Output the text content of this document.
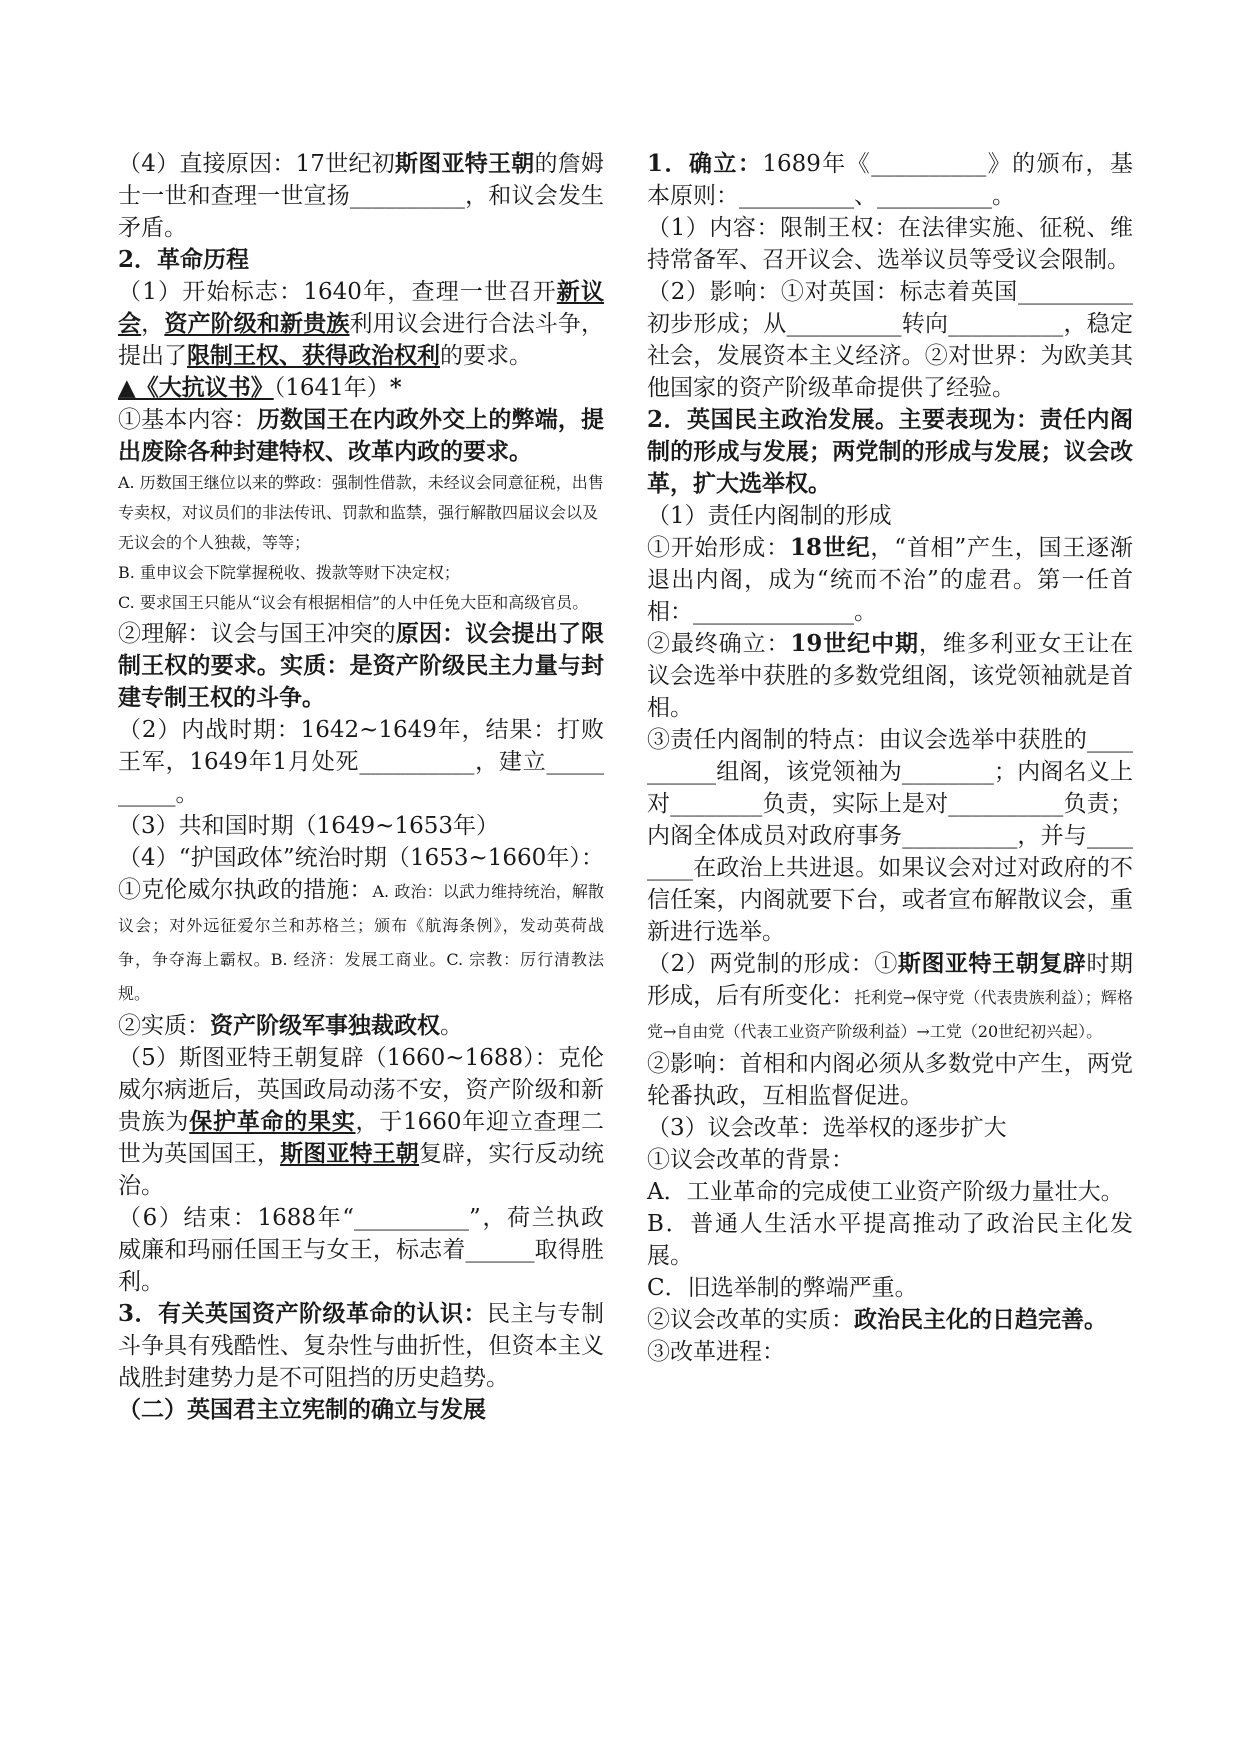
（4）直接原因：17世纪初斯图亚特王朝的詹姆士一世和查理一世宣扬__________，和议会发生矛盾。

2．革命历程

（1）开始标志：1640年，查理一世召开新议会，资产阶级和新贵族利用议会进行合法斗争，提出了限制王权、获得政治权利的要求。

▲《大抗议书》（1641年）*

①基本内容：历数国王在内政外交上的弊端，提出废除各种封建特权、改革内政的要求。

A. 历数国王继位以来的弊政：强制性借款，未经议会同意征税，出售专卖权，对议员们的非法传讯、罚款和监禁，强行解散四届议会以及无议会的个人独裁，等等；

B. 重申议会下院掌握税收、拨款等财下决定权；

C. 要求国王只能从“议会有根据相信”的人中任免大臣和高级官员。

②理解：议会与国王冲突的原因：议会提出了限制王权的要求。实质：是资产阶级民主力量与封建专制王权的斗争。

（2）内战时期：1642~1649年，结果：打败王军，1649年1月处死__________，建立__________。

（3）共和国时期（1649~1653年）

（4）“护国政体”统治时期（1653~1660年）：①克伦威尔执政的措施：A. 政治：以武力维持统治，解散议会；对外远征爱尔兰和苏格兰；颁布《航海条例》，发动英荷战争，争夺海上霸权。B. 经济：发展工商业。C. 宗教：厉行清教法规。

②实质：资产阶级军事独裁政权。

（5）斯图亚特王朝复辟（1660~1688）：克伦威尔病逝后，英国政局动荡不安，资产阶级和新贵族为保护革命的果实，于1660年迎立查理二世为英国国王，斯图亚特王朝复辟，实行反动统治。

（6）结束：1688年“__________”，荷兰执政威廉和玛丽任国王与女王，标志着______取得胜利。

3．有关英国资产阶级革命的认识：民主与专制斗争具有残酷性、复杂性与曲折性，但资本主义战胜封建势力是不可阻挡的历史趋势。

（二）英国君主立宪制的确立与发展

1．确立：1689年《__________》的颁布，基本原则：__________、__________。

（1）内容：限制王权：在法律实施、征税、维持常备军、召开议会、选举议员等受议会限制。

（2）影响：①对英国：标志着英国__________初步形成；从__________转向__________，稳定社会，发展资本主义经济。②对世界：为欧美其他国家的资产阶级革命提供了经验。

2．英国民主政治发展。主要表现为：责任内阁制的形成与发展；两党制的形成与发展；议会改革，扩大选举权。

（1）责任内阁制的形成

①开始形成：18世纪，“首相”产生，国王逐渐退出内阁，成为“统而不治”的虚君。第一任首相：______________。

②最终确立：19世纪中期，维多利亚女王让在议会选举中获胜的多数党组阁，该党领袖就是首相。

③责任内阁制的特点：由议会选举中获胜的__________组阁，该党领袖为________；内阁名义上对________负责，实际上是对__________负责；内阁全体成员对政府事务__________，并与________在政治上共进退。如果议会对过对政府的不信任案，内阁就要下台，或者宣布解散议会，重新进行选举。

（2）两党制的形成：①斯图亚特王朝复辟时期形成，后有所变化：托利党→保守党（代表贵族利益）；辉格党→自由党（代表工业资产阶级利益）→工党（20世纪初兴起）。

②影响：首相和内阁必须从多数党中产生，两党轮番执政，互相监督促进。

（3）议会改革：选举权的逐步扩大

①议会改革的背景：

A．工业革命的完成使工业资产阶级力量壮大。

B．普通人生活水平提高推动了政治民主化发展。

C．旧选举制的弊端严重。

②议会改革的实质：政治民主化的日趋完善。

③改革进程：
